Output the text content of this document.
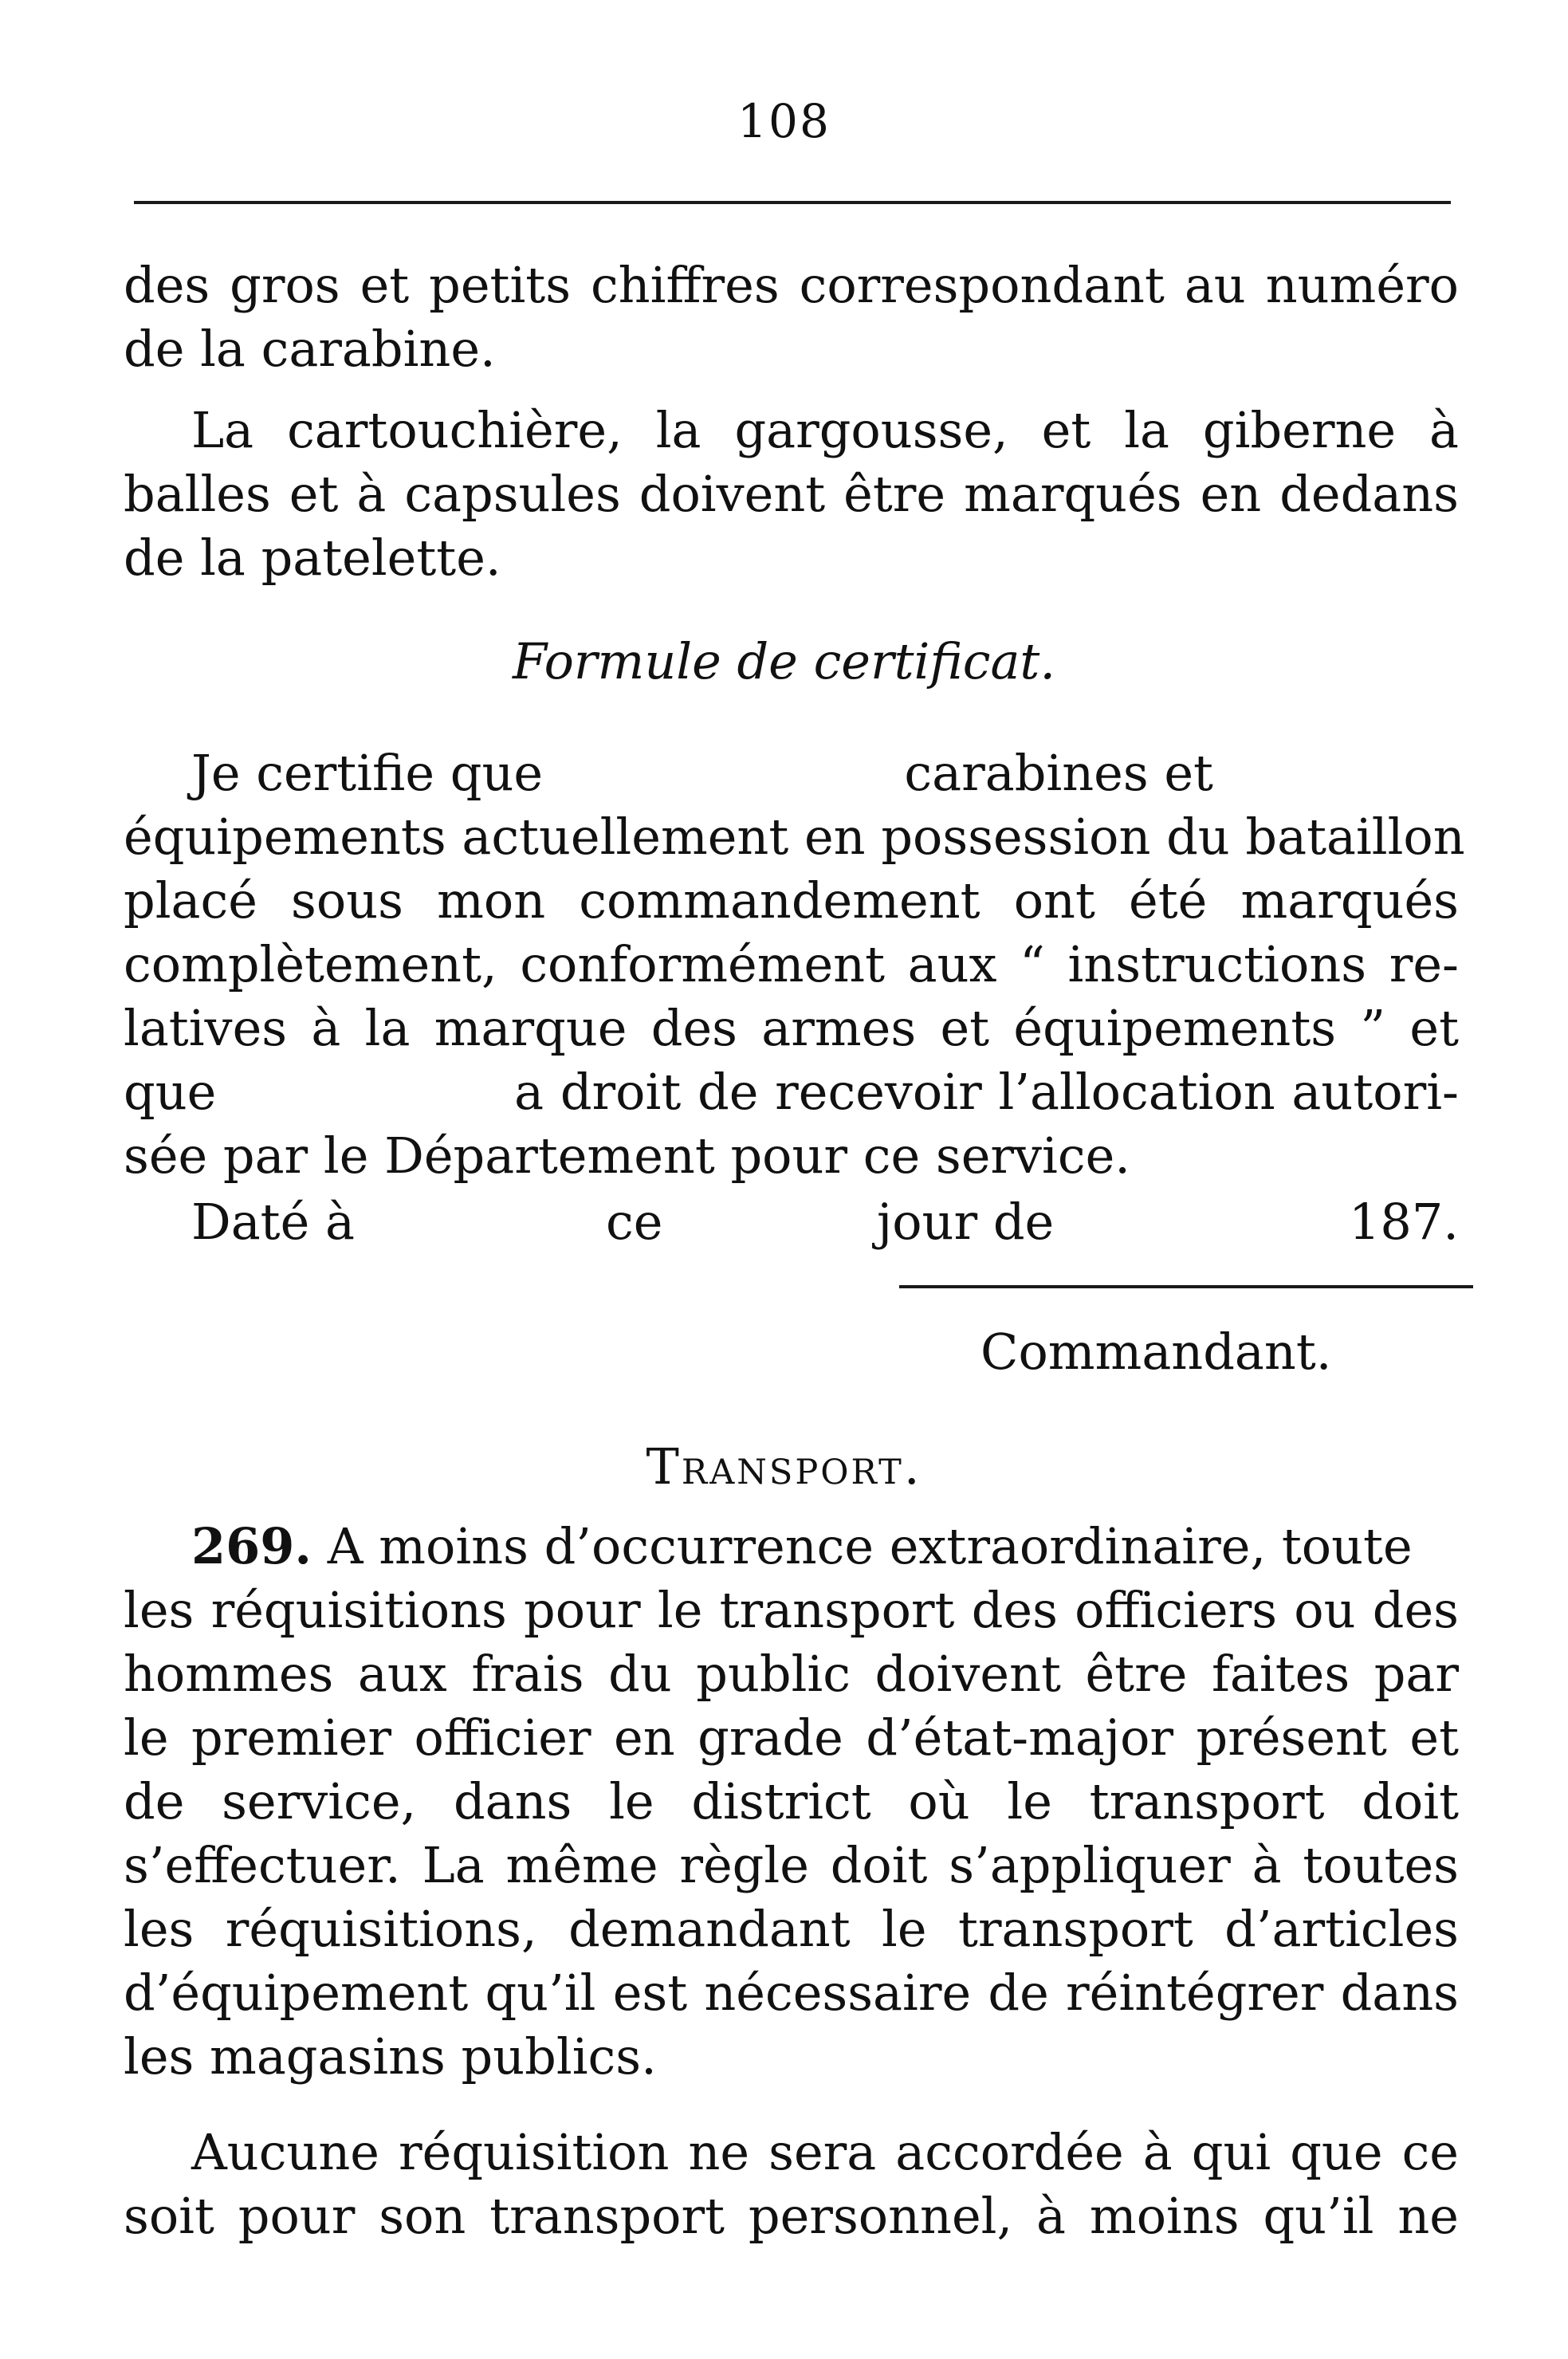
108
des gros et petits chiffres correspondant au numéro
de la carabine.
La cartouchière, la gargousse, et la giberne à
balles et à capsules doivent être marqués en dedans
de la patelette.
Formule de certificat.
Je certifie que                       carabines et
équipements actuellement en possession du bataillon
placé sous mon commandement ont été marqués
complètement, conformément aux “ instructions re-
latives à la marque des armes et équipements ” et
que                  a droit de recevoir l’allocation autori-
sée par le Département pour ce service.
Daté à	ce	jour de	187.
Commandant.
Transport.
269. A moins d’occurrence extraordinaire, toute
les réquisitions pour le transport des officiers ou des
hommes aux frais du public doivent être faites par
le premier officier en grade d’état-major présent et
de service, dans le district où le transport doit
s’effectuer. La même règle doit s’appliquer à toutes
les réquisitions, demandant le transport d’articles
d’équipement qu’il est nécessaire de réintégrer dans
les magasins publics.
Aucune réquisition ne sera accordée à qui que ce
soit pour son transport personnel, à moins qu’il ne
